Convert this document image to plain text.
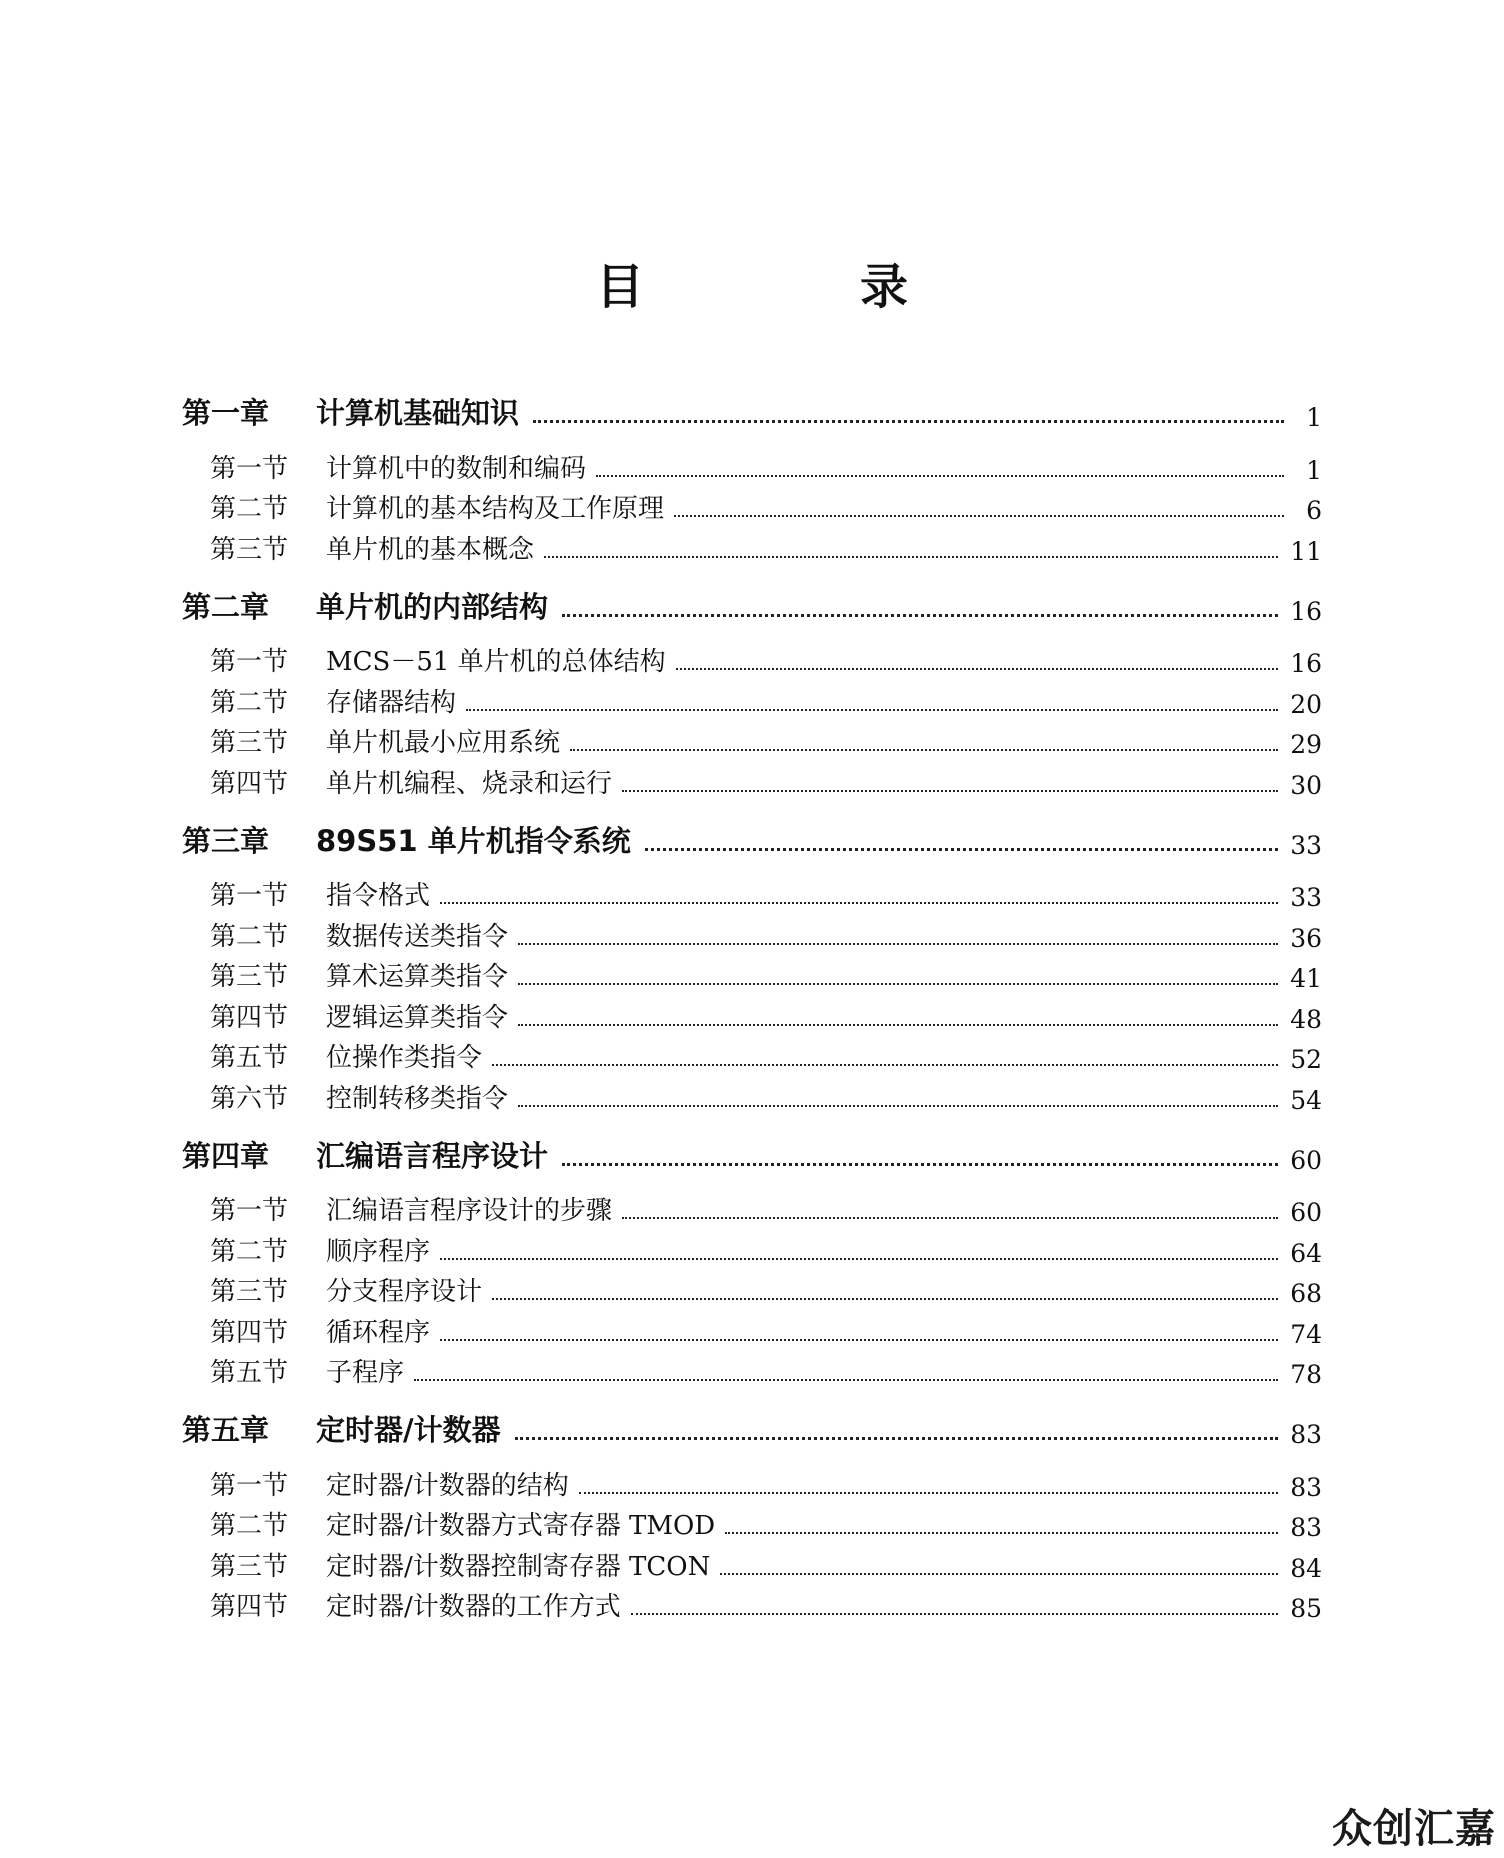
目　录
第一章	计算机基础知识	1
第一节	计算机中的数制和编码	1
第二节	计算机的基本结构及工作原理	6
第三节	单片机的基本概念	11
第二章	单片机的内部结构	16
第一节	MCS－51 单片机的总体结构	16
第二节	存储器结构	20
第三节	单片机最小应用系统	29
第四节	单片机编程、烧录和运行	30
第三章	89S51 单片机指令系统	33
第一节	指令格式	33
第二节	数据传送类指令	36
第三节	算术运算类指令	41
第四节	逻辑运算类指令	48
第五节	位操作类指令	52
第六节	控制转移类指令	54
第四章	汇编语言程序设计	60
第一节	汇编语言程序设计的步骤	60
第二节	顺序程序	64
第三节	分支程序设计	68
第四节	循环程序	74
第五节	子程序	78
第五章	定时器/计数器	83
第一节	定时器/计数器的结构	83
第二节	定时器/计数器方式寄存器 TMOD	83
第三节	定时器/计数器控制寄存器 TCON	84
第四节	定时器/计数器的工作方式	85
众创汇嘉
